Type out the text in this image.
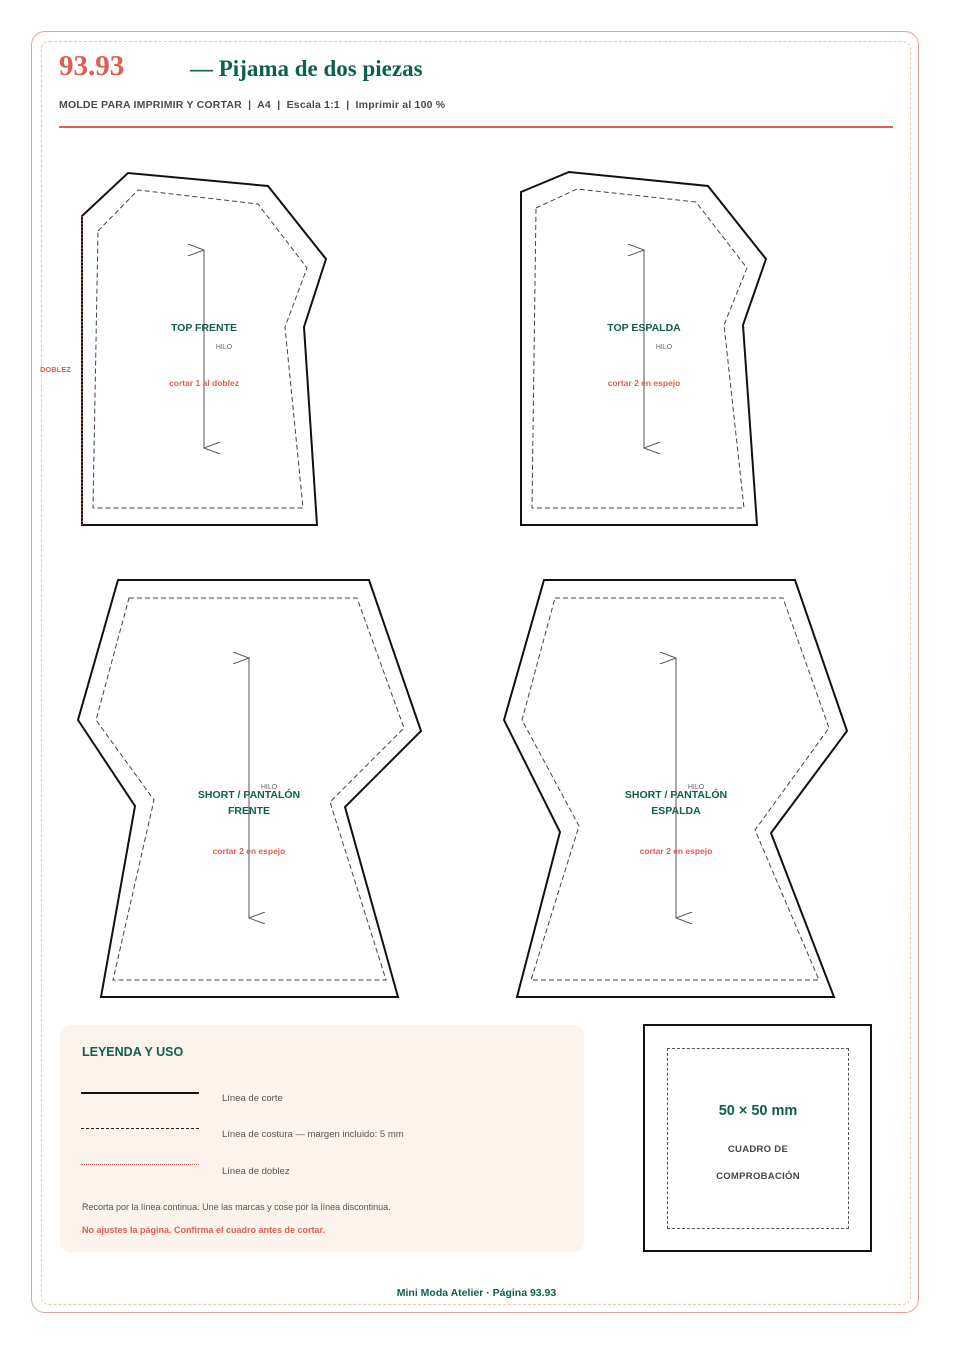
93.93	— Pijama de dos piezas
MOLDE PARA IMPRIMIR Y CORTAR  |  A4  |  Escala 1:1  |  Imprimir al 100 %
DOBLEZ
TOP FRENTE
HILO
cortar 1 al doblez
TOP ESPALDA
HILO
cortar 2 en espejo
HILO
SHORT / PANTALÓN
FRENTE
cortar 2 en espejo
HILO
SHORT / PANTALÓN
ESPALDA
cortar 2 en espejo
LEYENDA Y USO
Línea de corte
Línea de costura — margen incluido: 5 mm
Línea de doblez
Recorta por la línea continua. Une las marcas y cose por la línea discontinua.
No ajustes la página. Confirma el cuadro antes de cortar.
50 × 50 mm
CUADRO DE
COMPROBACIÓN
Mini Moda Atelier · Página 93.93
